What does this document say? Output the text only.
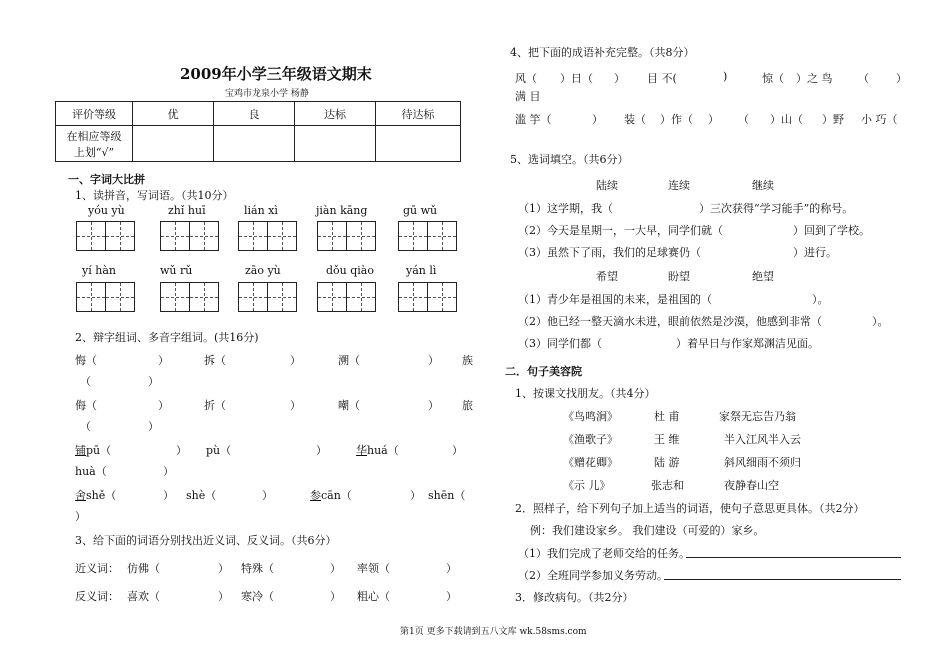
2009年小学三年级语文期末
宝鸡市龙泉小学 杨静
评价等级	优	良	达标	待达标

在相应等级
上划“√”				

一、字词大比拼
1、读拼音，写词语。（共10分）
yóu yù	zhǐ huī	lián xì	jiàn kāng	gū wǔ
yí hàn	wǔ rǔ	zāo yù	dǒu qiào	yán lì
2、辩字组词、多音字组词。(共16分)
悔（	）	拆（	）	溯（	） 族
（	）
侮（	）	折（	）	嘲（	） 旅
（	）
铺pū（	） pù（	）	华huá（	）
huà（	）
舍shě（	） shè（	）	参cān（	） shēn（
）
3、给下面的词语分别找出近义词、反义词。（共6分）
近义词： 仿佛（	） 特殊（	） 率领（	）
反义词： 喜欢（	） 寒冷（	） 粗心（	）
4、把下面的成语补充完整。（共8分）
风（ ）日（ ） 目 不(	)	惊（ ）之 鸟 （ ）
满 目
滥 竽（	） 装（ ）作（ ） （ ）山（ ）野 小 巧（
5、选词填空。（共6分）
陆续	连续	继续
（1）这学期，我（	）三次获得“学习能手”的称号。
（2）今天是星期一，一大早，同学们就（	）回到了学校。
（3）虽然下了雨，我们的足球赛仍（	）进行。
希望	盼望	绝望
（1）青少年是祖国的未来，是祖国的（	）。
（2）他已经一整天滴水未进，眼前依然是沙漠，他感到非常（	）。
（3）同学们都（	）着早日与作家郑渊洁见面。
二．句子美容院
1、按课文找朋友。（共4分）
《鸟鸣涧》	杜 甫	家祭无忘告乃翁
《渔歌子》	王 维	半入江风半入云
《赠花卿》	陆 游	斜风细雨不须归
《示 儿》	张志和	夜静春山空
2．照样子，给下列句子加上适当的词语，使句子意思更具体。（共2分）
例：我们建设家乡。 我们建设（可爱的）家乡。
（1）我们完成了老师交给的任务。
（2）全班同学参加义务劳动。
3．修改病句。（共2分）
第1页 更多下载请到五八文库 wk.58sms.com
